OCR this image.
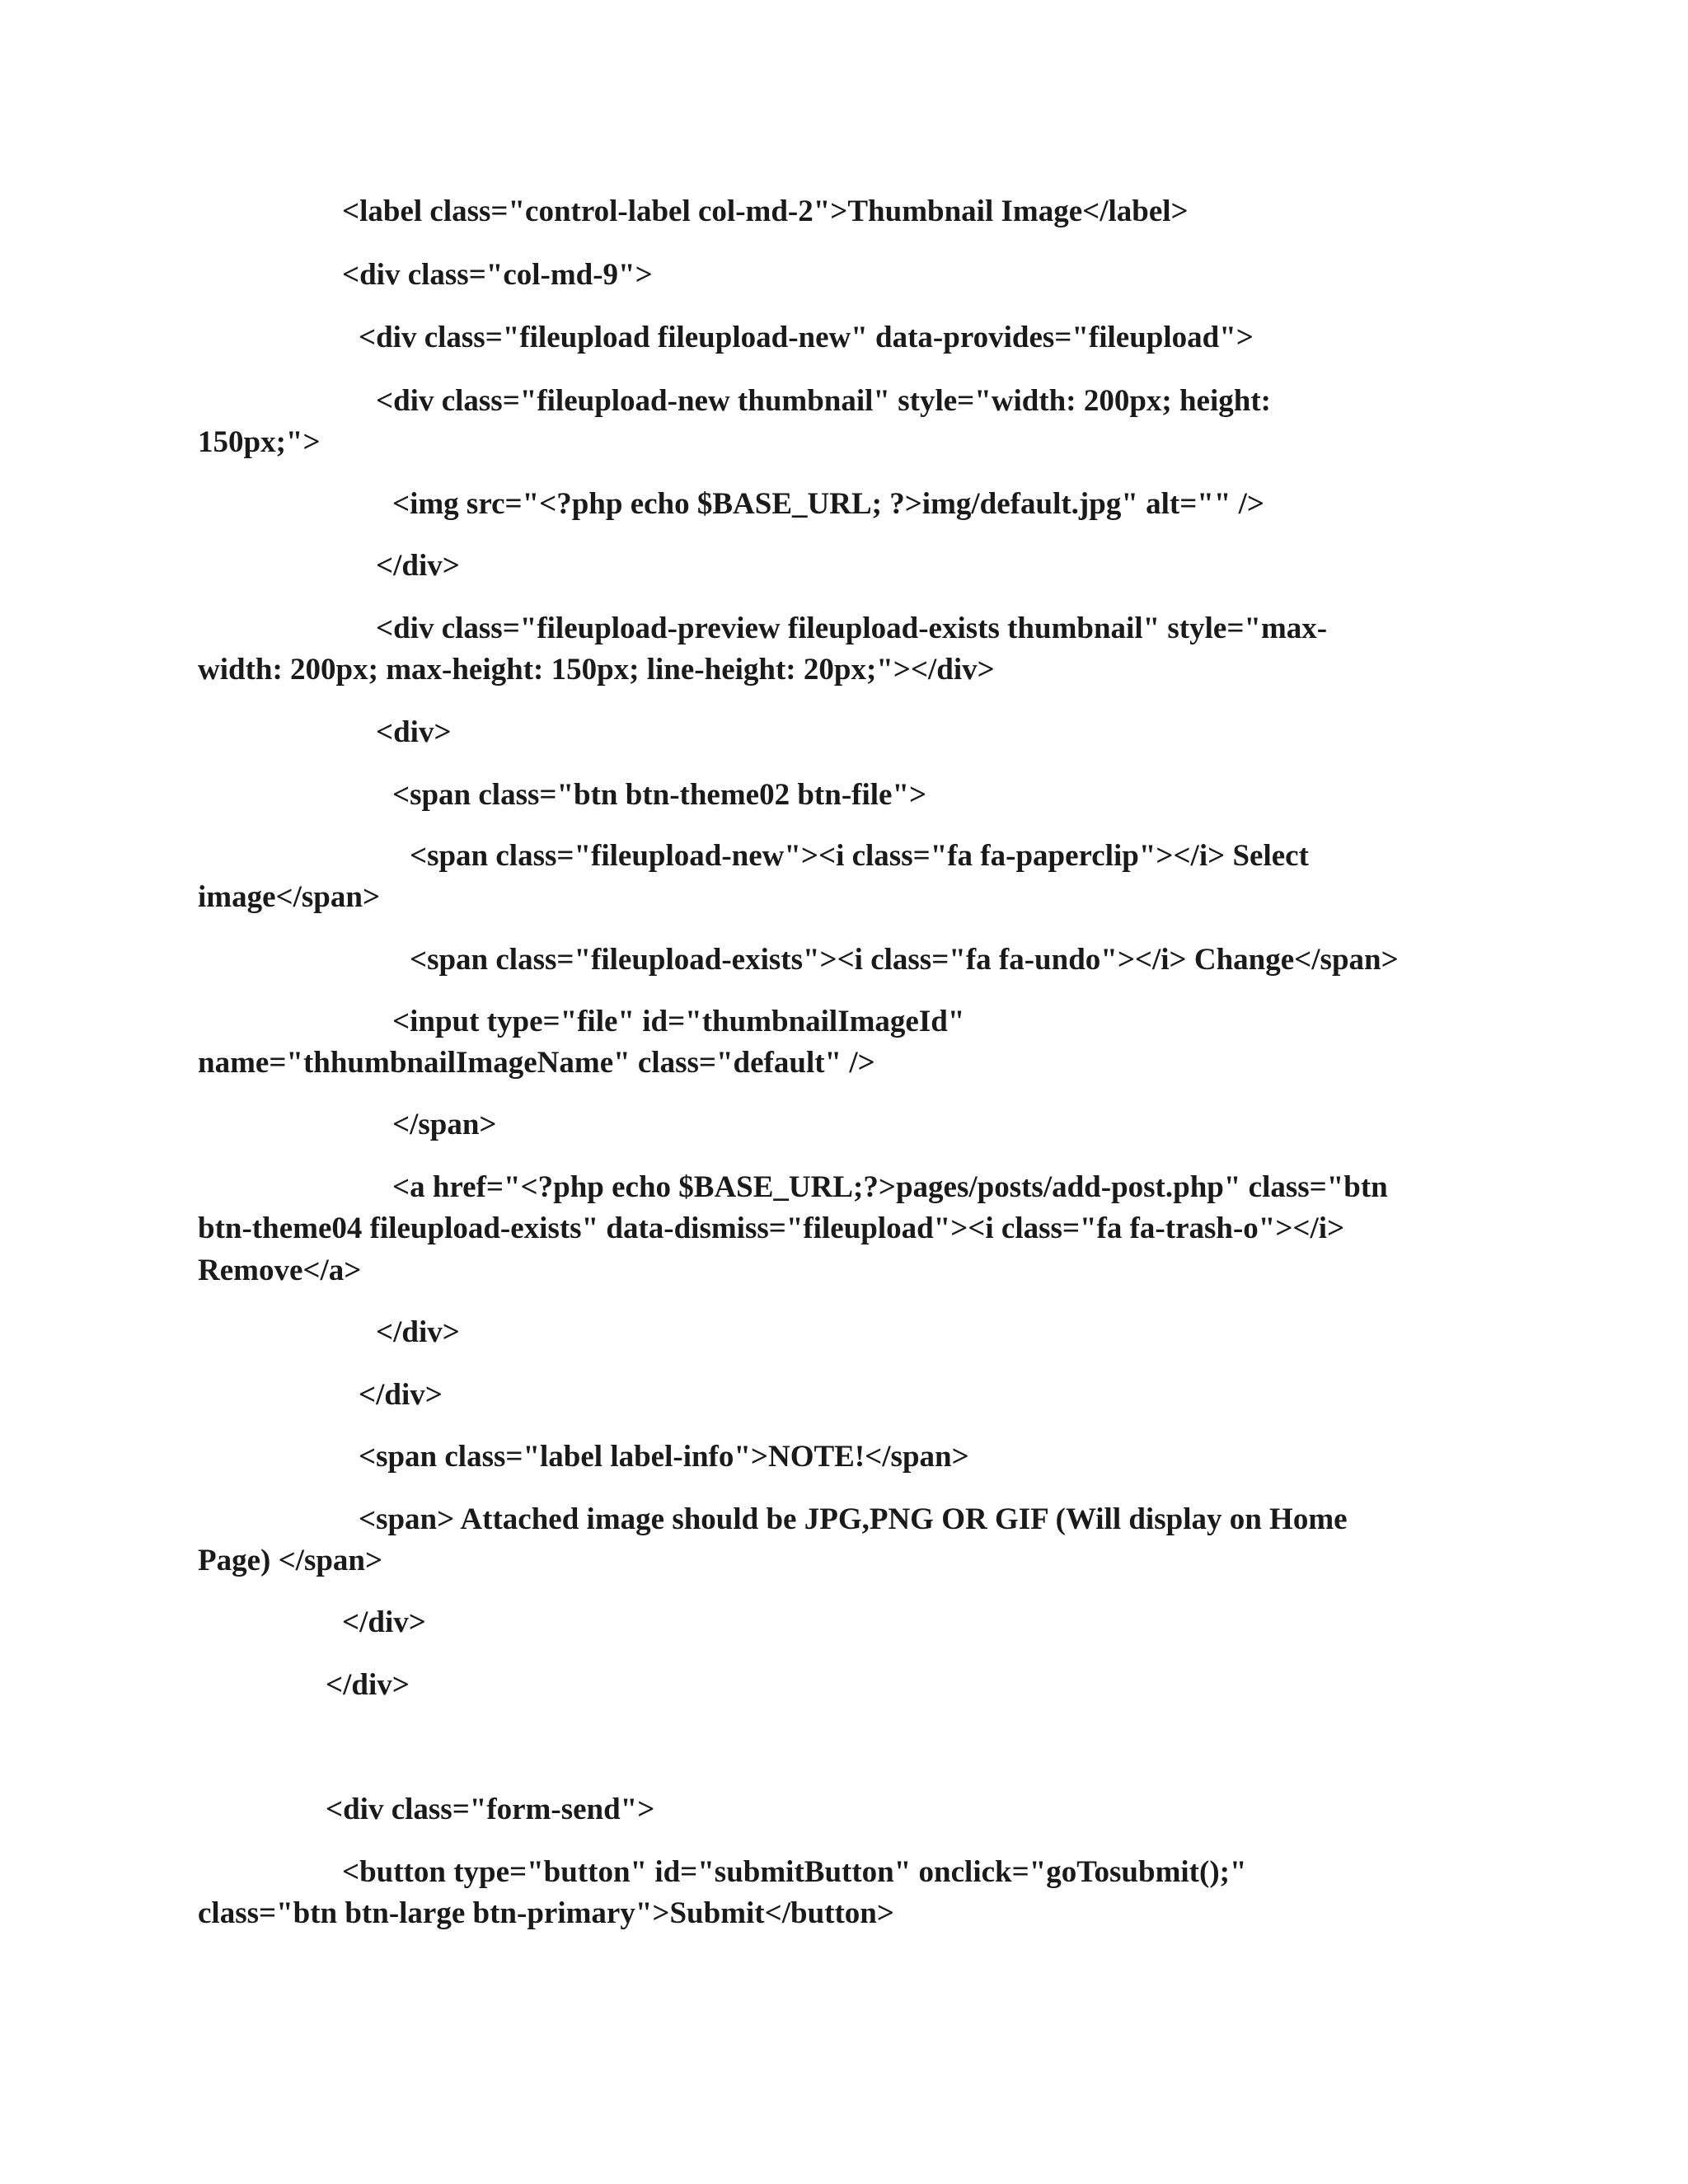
<label class="control-label col-md-2">Thumbnail Image</label>
<div class="col-md-9">
<div class="fileupload fileupload-new" data-provides="fileupload">
<div class="fileupload-new thumbnail" style="width: 200px; height:
150px;">
<img src="<?php echo $BASE_URL; ?>img/default.jpg" alt="" />
</div>
<div class="fileupload-preview fileupload-exists thumbnail" style="max-
width: 200px; max-height: 150px; line-height: 20px;"></div>
<div>
<span class="btn btn-theme02 btn-file">
<span class="fileupload-new"><i class="fa fa-paperclip"></i> Select
image</span>
<span class="fileupload-exists"><i class="fa fa-undo"></i> Change</span>
<input type="file" id="thumbnailImageId"
name="thhumbnailImageName" class="default" />
</span>
<a href="<?php echo $BASE_URL;?>pages/posts/add-post.php" class="btn
btn-theme04 fileupload-exists" data-dismiss="fileupload"><i class="fa fa-trash-o"></i>
Remove</a>
</div>
</div>
<span class="label label-info">NOTE!</span>
<span> Attached image should be JPG,PNG OR GIF (Will display on Home
Page) </span>
</div>
</div>
<div class="form-send">
<button type="button" id="submitButton" onclick="goTosubmit();"
class="btn btn-large btn-primary">Submit</button>
